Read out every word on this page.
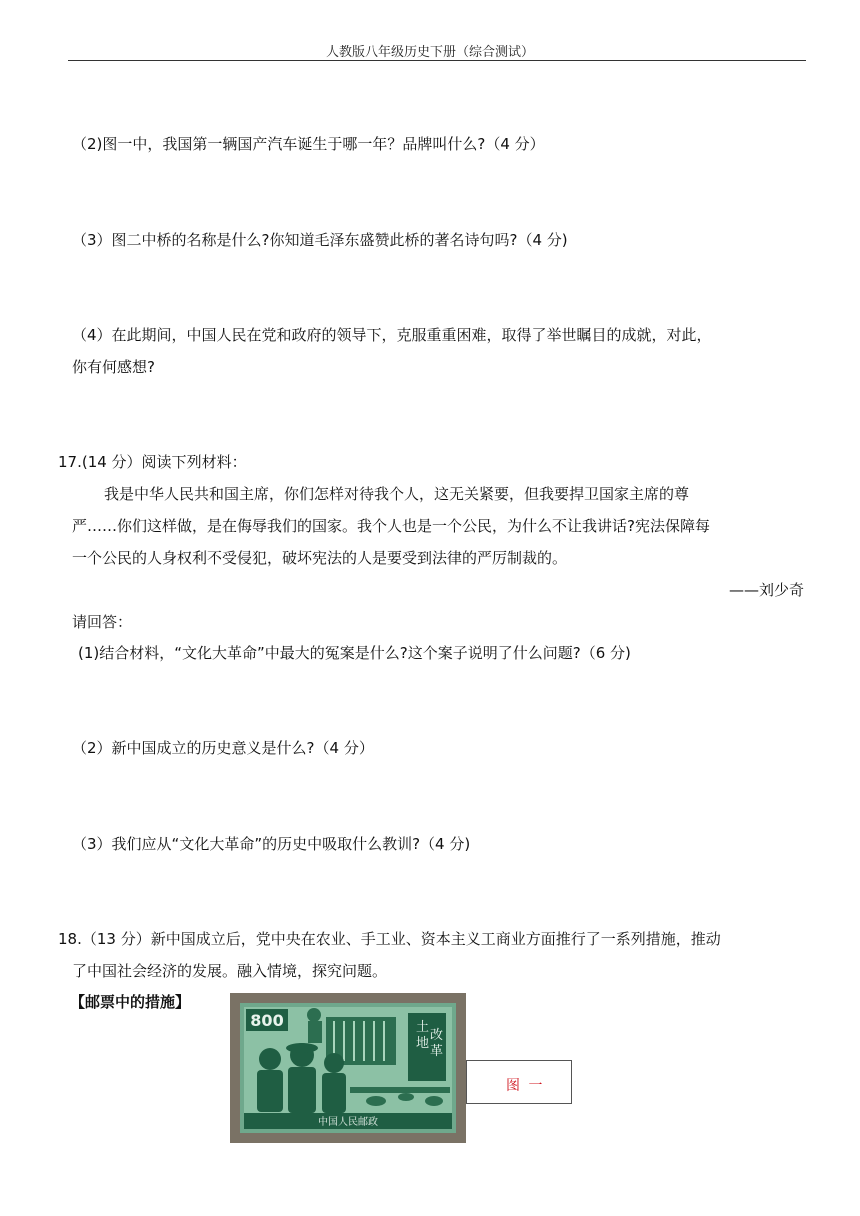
人教版八年级历史下册（综合测试）
（2)图一中，我国第一辆国产汽车诞生于哪一年？品牌叫什么?（4 分）
（3）图二中桥的名称是什么?你知道毛泽东盛赞此桥的著名诗句吗?（4 分)
（4）在此期间，中国人民在党和政府的领导下，克服重重困难，取得了举世瞩目的成就，对此，
你有何感想?
17.(14 分）阅读下列材料：
我是中华人民共和国主席，你们怎样对待我个人，这无关紧要，但我要捍卫国家主席的尊
严……你们这样做，是在侮辱我们的国家。我个人也是一个公民，为什么不让我讲话?宪法保障每
一个公民的人身权利不受侵犯，破坏宪法的人是要受到法律的严厉制裁的。
——刘少奇
请回答：
(1)结合材料，“文化大革命”中最大的冤案是什么?这个案子说明了什么问题?（6 分)
（2）新中国成立的历史意义是什么?（4 分）
（3）我们应从“文化大革命”的历史中吸取什么教训?（4 分)
18.（13 分）新中国成立后，党中央在农业、手工业、资本主义工商业方面推行了一系列措施，推动
了中国社会经济的发展。融入情境，探究问题。
【邮票中的措施】
800	土 地 改 革
中国人民邮政
图 一
